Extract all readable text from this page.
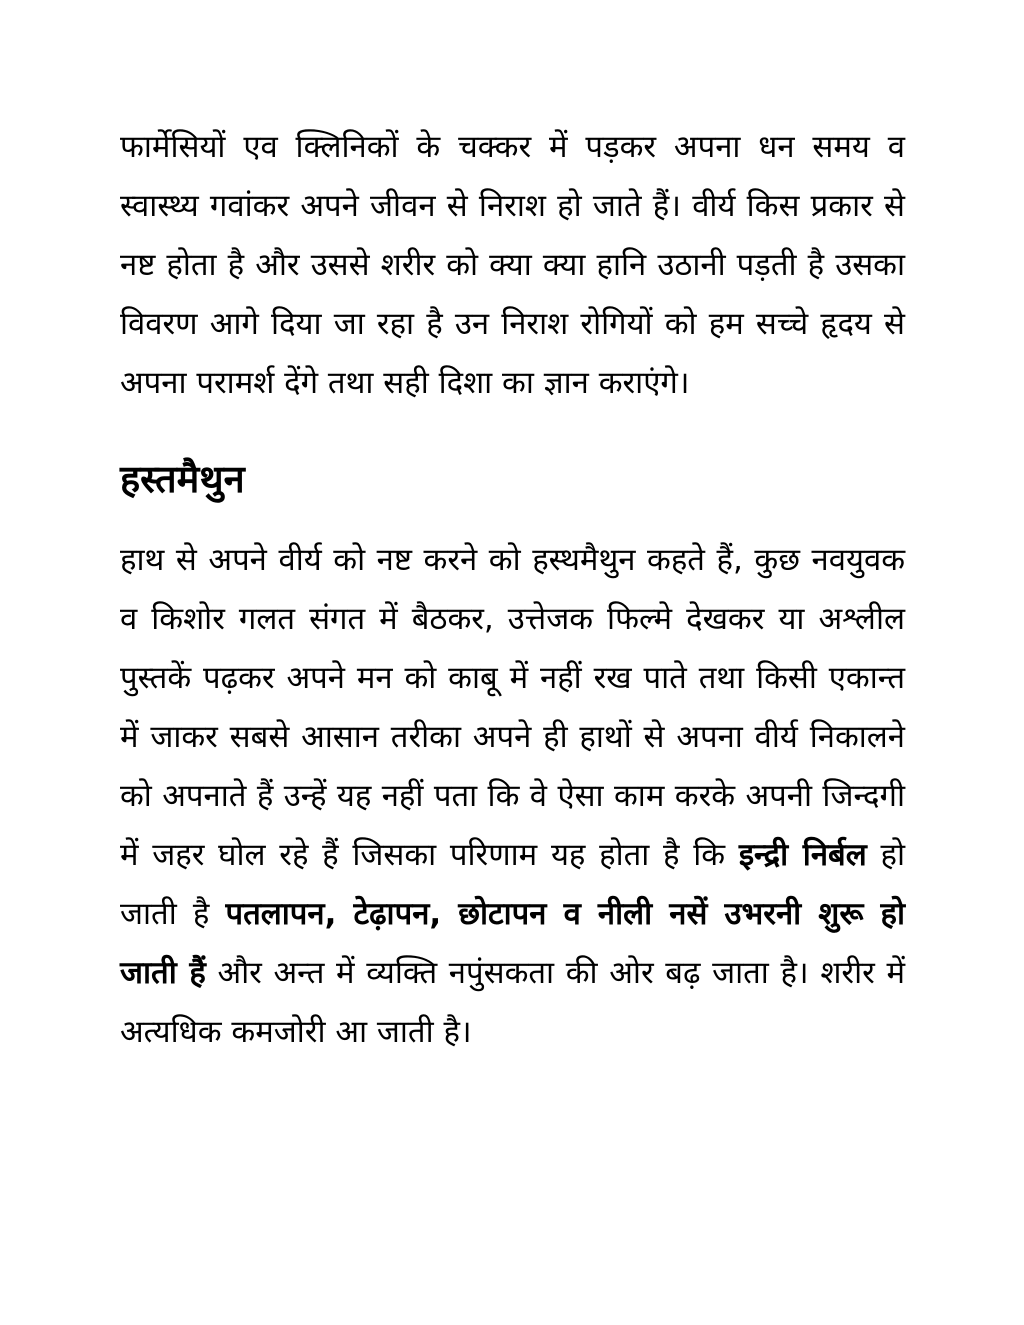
फार्मेसियों एव क्लिनिकों के चक्कर में पड़कर अपना धन समय व स्वास्थ्य गवांकर अपने जीवन से निराश हो जाते हैं। वीर्य किस प्रकार से नष्ट होता है और उससे शरीर को क्या क्या हानि उठानी पड़ती है उसका विवरण आगे दिया जा रहा है उन निराश रोगियों को हम सच्चे हृदय से अपना परामर्श देंगे तथा सही दिशा का ज्ञान कराएंगे।

हस्तमैथुन

हाथ से अपने वीर्य को नष्ट करने को हस्थमैथुन कहते हैं, कुछ नवयुवक व किशोर गलत संगत में बैठकर, उत्तेजक फिल्मे देखकर या अश्लील पुस्तकें पढ़कर अपने मन को काबू में नहीं रख पाते तथा किसी एकान्त में जाकर सबसे आसान तरीका अपने ही हाथों से अपना वीर्य निकालने को अपनाते हैं उन्हें यह नहीं पता कि वे ऐसा काम करके अपनी जिन्दगी में जहर घोल रहे हैं जिसका परिणाम यह होता है कि इन्द्री निर्बल हो जाती है पतलापन, टेढ़ापन, छोटापन व नीली नसें उभरनी शुरू हो जाती हैं और अन्त में व्यक्ति नपुंसकता की ओर बढ़ जाता है। शरीर में अत्यधिक कमजोरी आ जाती है।
